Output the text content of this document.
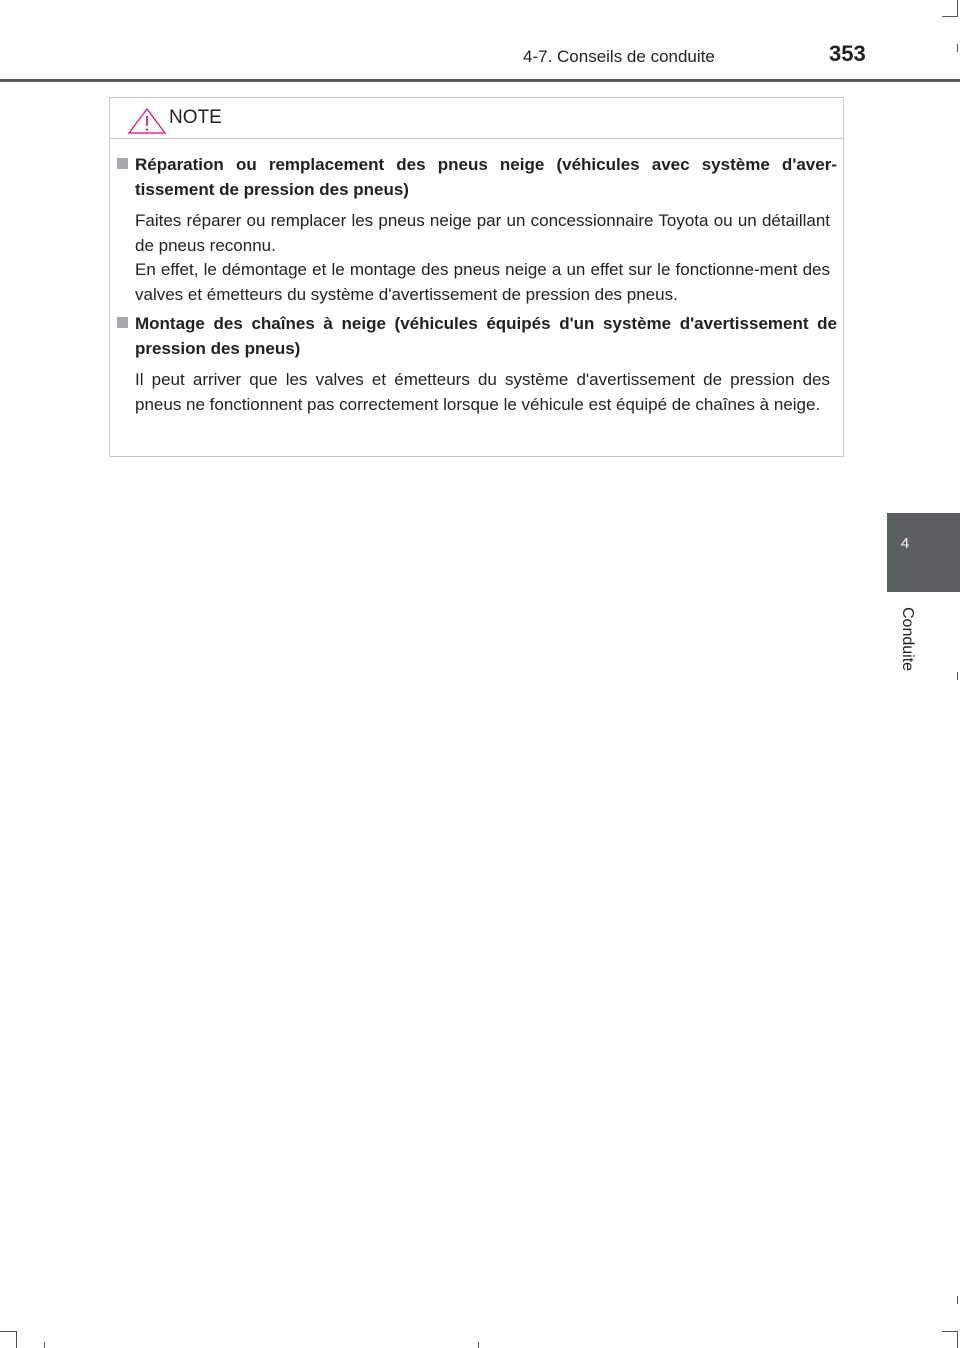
4-7. Conseils de conduite	353
4
Conduite
NOTE
Réparation ou remplacement des pneus neige (véhicules avec système d'aver-tissement de pression des pneus)

Faites réparer ou remplacer les pneus neige par un concessionnaire Toyota ou un détaillant de pneus reconnu.

En effet, le démontage et le montage des pneus neige a un effet sur le fonctionne-ment des valves et émetteurs du système d'avertissement de pression des pneus.

Montage des chaînes à neige (véhicules équipés d'un système d'avertissement de pression des pneus)

Il peut arriver que les valves et émetteurs du système d'avertissement de pression des pneus ne fonctionnent pas correctement lorsque le véhicule est équipé de chaînes à neige.
